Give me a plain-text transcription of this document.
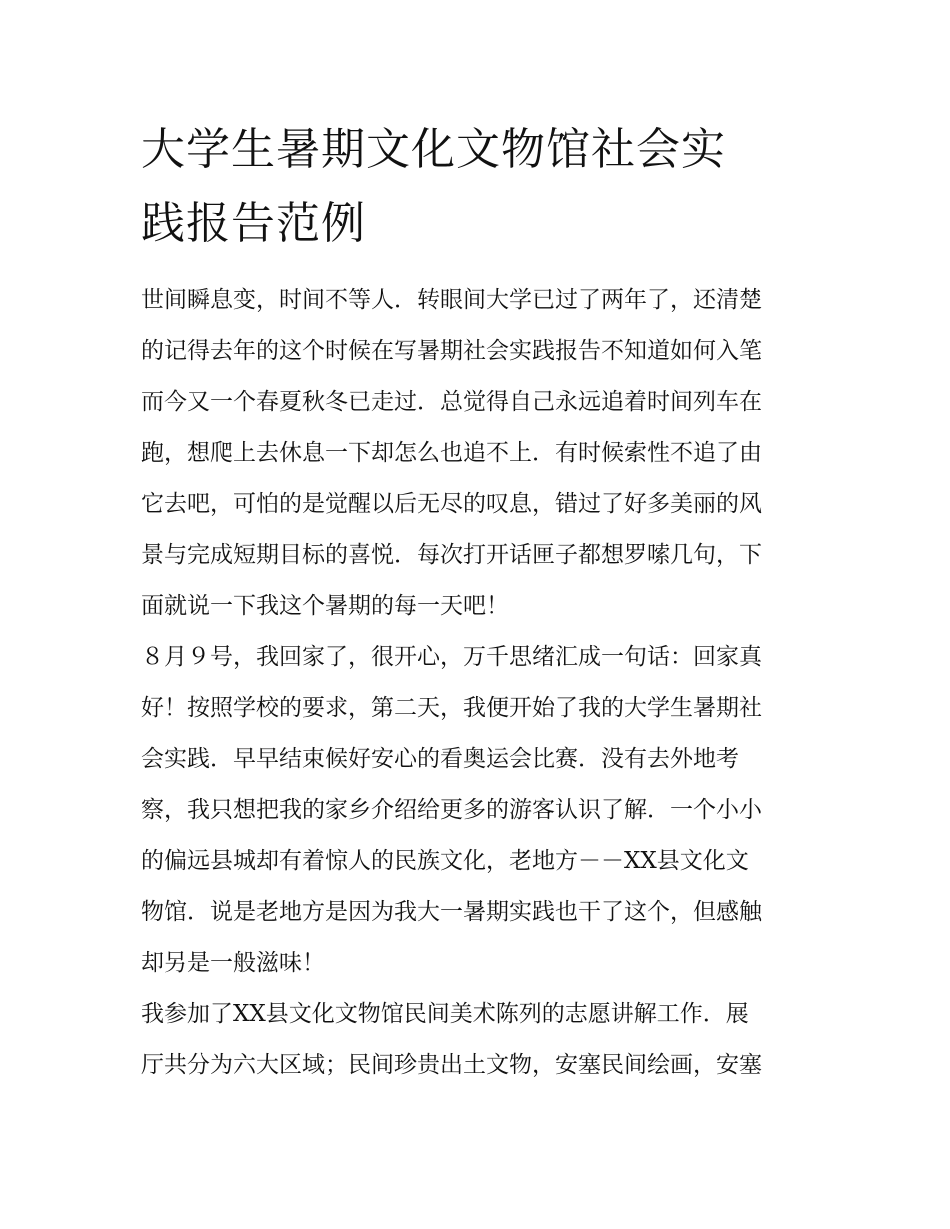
大学生暑期文化文物馆社会实
践报告范例
世间瞬息变，时间不等人．转眼间大学已过了两年了，还清楚
的记得去年的这个时候在写暑期社会实践报告不知道如何入笔
而今又一个春夏秋冬已走过．总觉得自己永远追着时间列车在
跑，想爬上去休息一下却怎么也追不上．有时候索性不追了由
它去吧，可怕的是觉醒以后无尽的叹息，错过了好多美丽的风
景与完成短期目标的喜悦．每次打开话匣子都想罗嗦几句，下
面就说一下我这个暑期的每一天吧！
８月９号，我回家了，很开心，万千思绪汇成一句话：回家真
好！按照学校的要求，第二天，我便开始了我的大学生暑期社
会实践．早早结束候好安心的看奥运会比赛．没有去外地考
察，我只想把我的家乡介绍给更多的游客认识了解．一个小小
的偏远县城却有着惊人的民族文化，老地方－－XX县文化文
物馆．说是老地方是因为我大一暑期实践也干了这个，但感触
却另是一般滋味！
我参加了XX县文化文物馆民间美术陈列的志愿讲解工作．展
厅共分为六大区域；民间珍贵出土文物，安塞民间绘画，安塞
